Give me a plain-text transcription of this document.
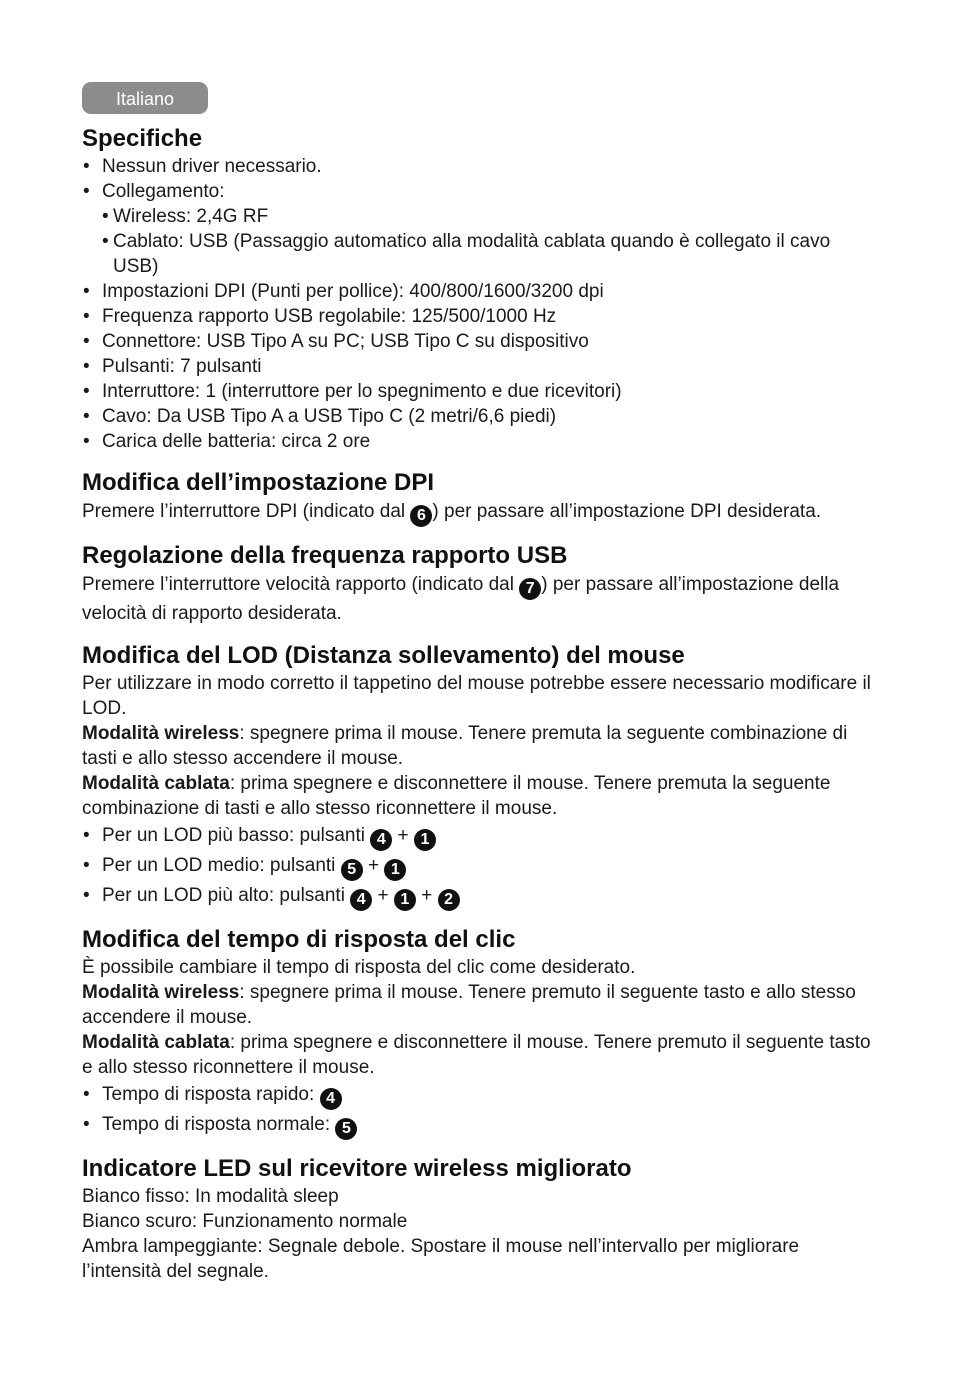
Italiano
Specifiche
• Nessun driver necessario.
• Collegamento:
• Wireless: 2,4G RF
• Cablato: USB (Passaggio automatico alla modalità cablata quando è collegato il cavo USB)
• Impostazioni DPI (Punti per pollice): 400/800/1600/3200 dpi
• Frequenza rapporto USB regolabile: 125/500/1000 Hz
• Connettore: USB Tipo A su PC; USB Tipo C su dispositivo
• Pulsanti: 7 pulsanti
• Interruttore: 1 (interruttore per lo spegnimento e due ricevitori)
• Cavo: Da USB Tipo A a USB Tipo C (2 metri/6,6 piedi)
• Carica delle batteria: circa 2 ore
Modifica dell’impostazione DPI

Premere l’interruttore DPI (indicato dal 6 ) per passare all’impostazione DPI desiderata.

Regolazione della frequenza rapporto USB

Premere l’interruttore velocità rapporto (indicato dal 7 ) per passare all’impostazione della velocità di rapporto desiderata.

Modifica del LOD (Distanza sollevamento) del mouse

Per utilizzare in modo corretto il tappetino del mouse potrebbe essere necessario modificare il LOD.

Modalità wireless: spegnere prima il mouse. Tenere premuta la seguente combinazione di tasti e allo stesso accendere il mouse.

Modalità cablata: prima spegnere e disconnettere il mouse. Tenere premuta la seguente combinazione di tasti e allo stesso riconnettere il mouse.

• Per un LOD più basso: pulsanti 4 + 1
• Per un LOD medio: pulsanti 5 + 1
• Per un LOD più alto: pulsanti 4 + 1 + 2
Modifica del tempo di risposta del clic

È possibile cambiare il tempo di risposta del clic come desiderato.

Modalità wireless: spegnere prima il mouse. Tenere premuto il seguente tasto e allo stesso accendere il mouse.

Modalità cablata: prima spegnere e disconnettere il mouse. Tenere premuto il seguente tasto e allo stesso riconnettere il mouse.

• Tempo di risposta rapido: 4
• Tempo di risposta normale: 5
Indicatore LED sul ricevitore wireless migliorato

Bianco fisso: In modalità sleep

Bianco scuro: Funzionamento normale

Ambra lampeggiante: Segnale debole. Spostare il mouse nell’intervallo per migliorare l’intensità del segnale.
